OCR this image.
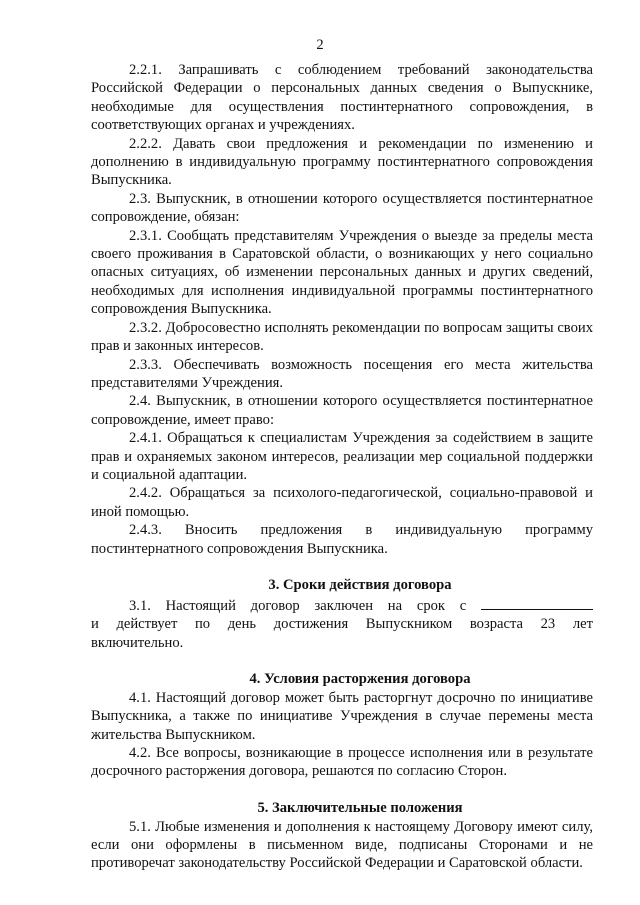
2

2.2.1. Запрашивать с соблюдением требований законодательства Российской Федерации о персональных данных сведения о Выпускнике, необходимые для осуществления постинтернатного сопровождения, в соответствующих органах и учреждениях.

2.2.2. Давать свои предложения и рекомендации по изменению и дополнению в индивидуальную программу постинтернатного сопровождения Выпускника.

2.3. Выпускник, в отношении которого осуществляется постинтернатное сопровождение, обязан:

2.3.1. Сообщать представителям Учреждения о выезде за пределы места своего проживания в Саратовской области, о возникающих у него социально опасных ситуациях, об изменении персональных данных и других сведений, необходимых для исполнения индивидуальной программы постинтернатного сопровождения Выпускника.

2.3.2. Добросовестно исполнять рекомендации по вопросам защиты своих прав и законных интересов.

2.3.3. Обеспечивать возможность посещения его места жительства представителями Учреждения.

2.4. Выпускник, в отношении которого осуществляется постинтернатное сопровождение, имеет право:

2.4.1. Обращаться к специалистам Учреждения за содействием в защите прав и охраняемых законом интересов, реализации мер социальной поддержки и социальной адаптации.

2.4.2. Обращаться за психолого-педагогической, социально-правовой и иной помощью.

2.4.3. Вносить предложения в индивидуальную программу постинтернатного сопровождения Выпускника.

3. Сроки действия договора

3.1. Настоящий договор заключен на срок с

и действует по день достижения Выпускником возраста 23 лет

включительно.

4. Условия расторжения договора

4.1. Настоящий договор может быть расторгнут досрочно по инициативе Выпускника, а также по инициативе Учреждения в случае перемены места жительства Выпускником.

4.2. Все вопросы, возникающие в процессе исполнения или в результате досрочного расторжения договора, решаются по согласию Сторон.

5. Заключительные положения

5.1. Любые изменения и дополнения к настоящему Договору имеют силу, если они оформлены в письменном виде, подписаны Сторонами и не противоречат законодательству Российской Федерации и Саратовской области.
